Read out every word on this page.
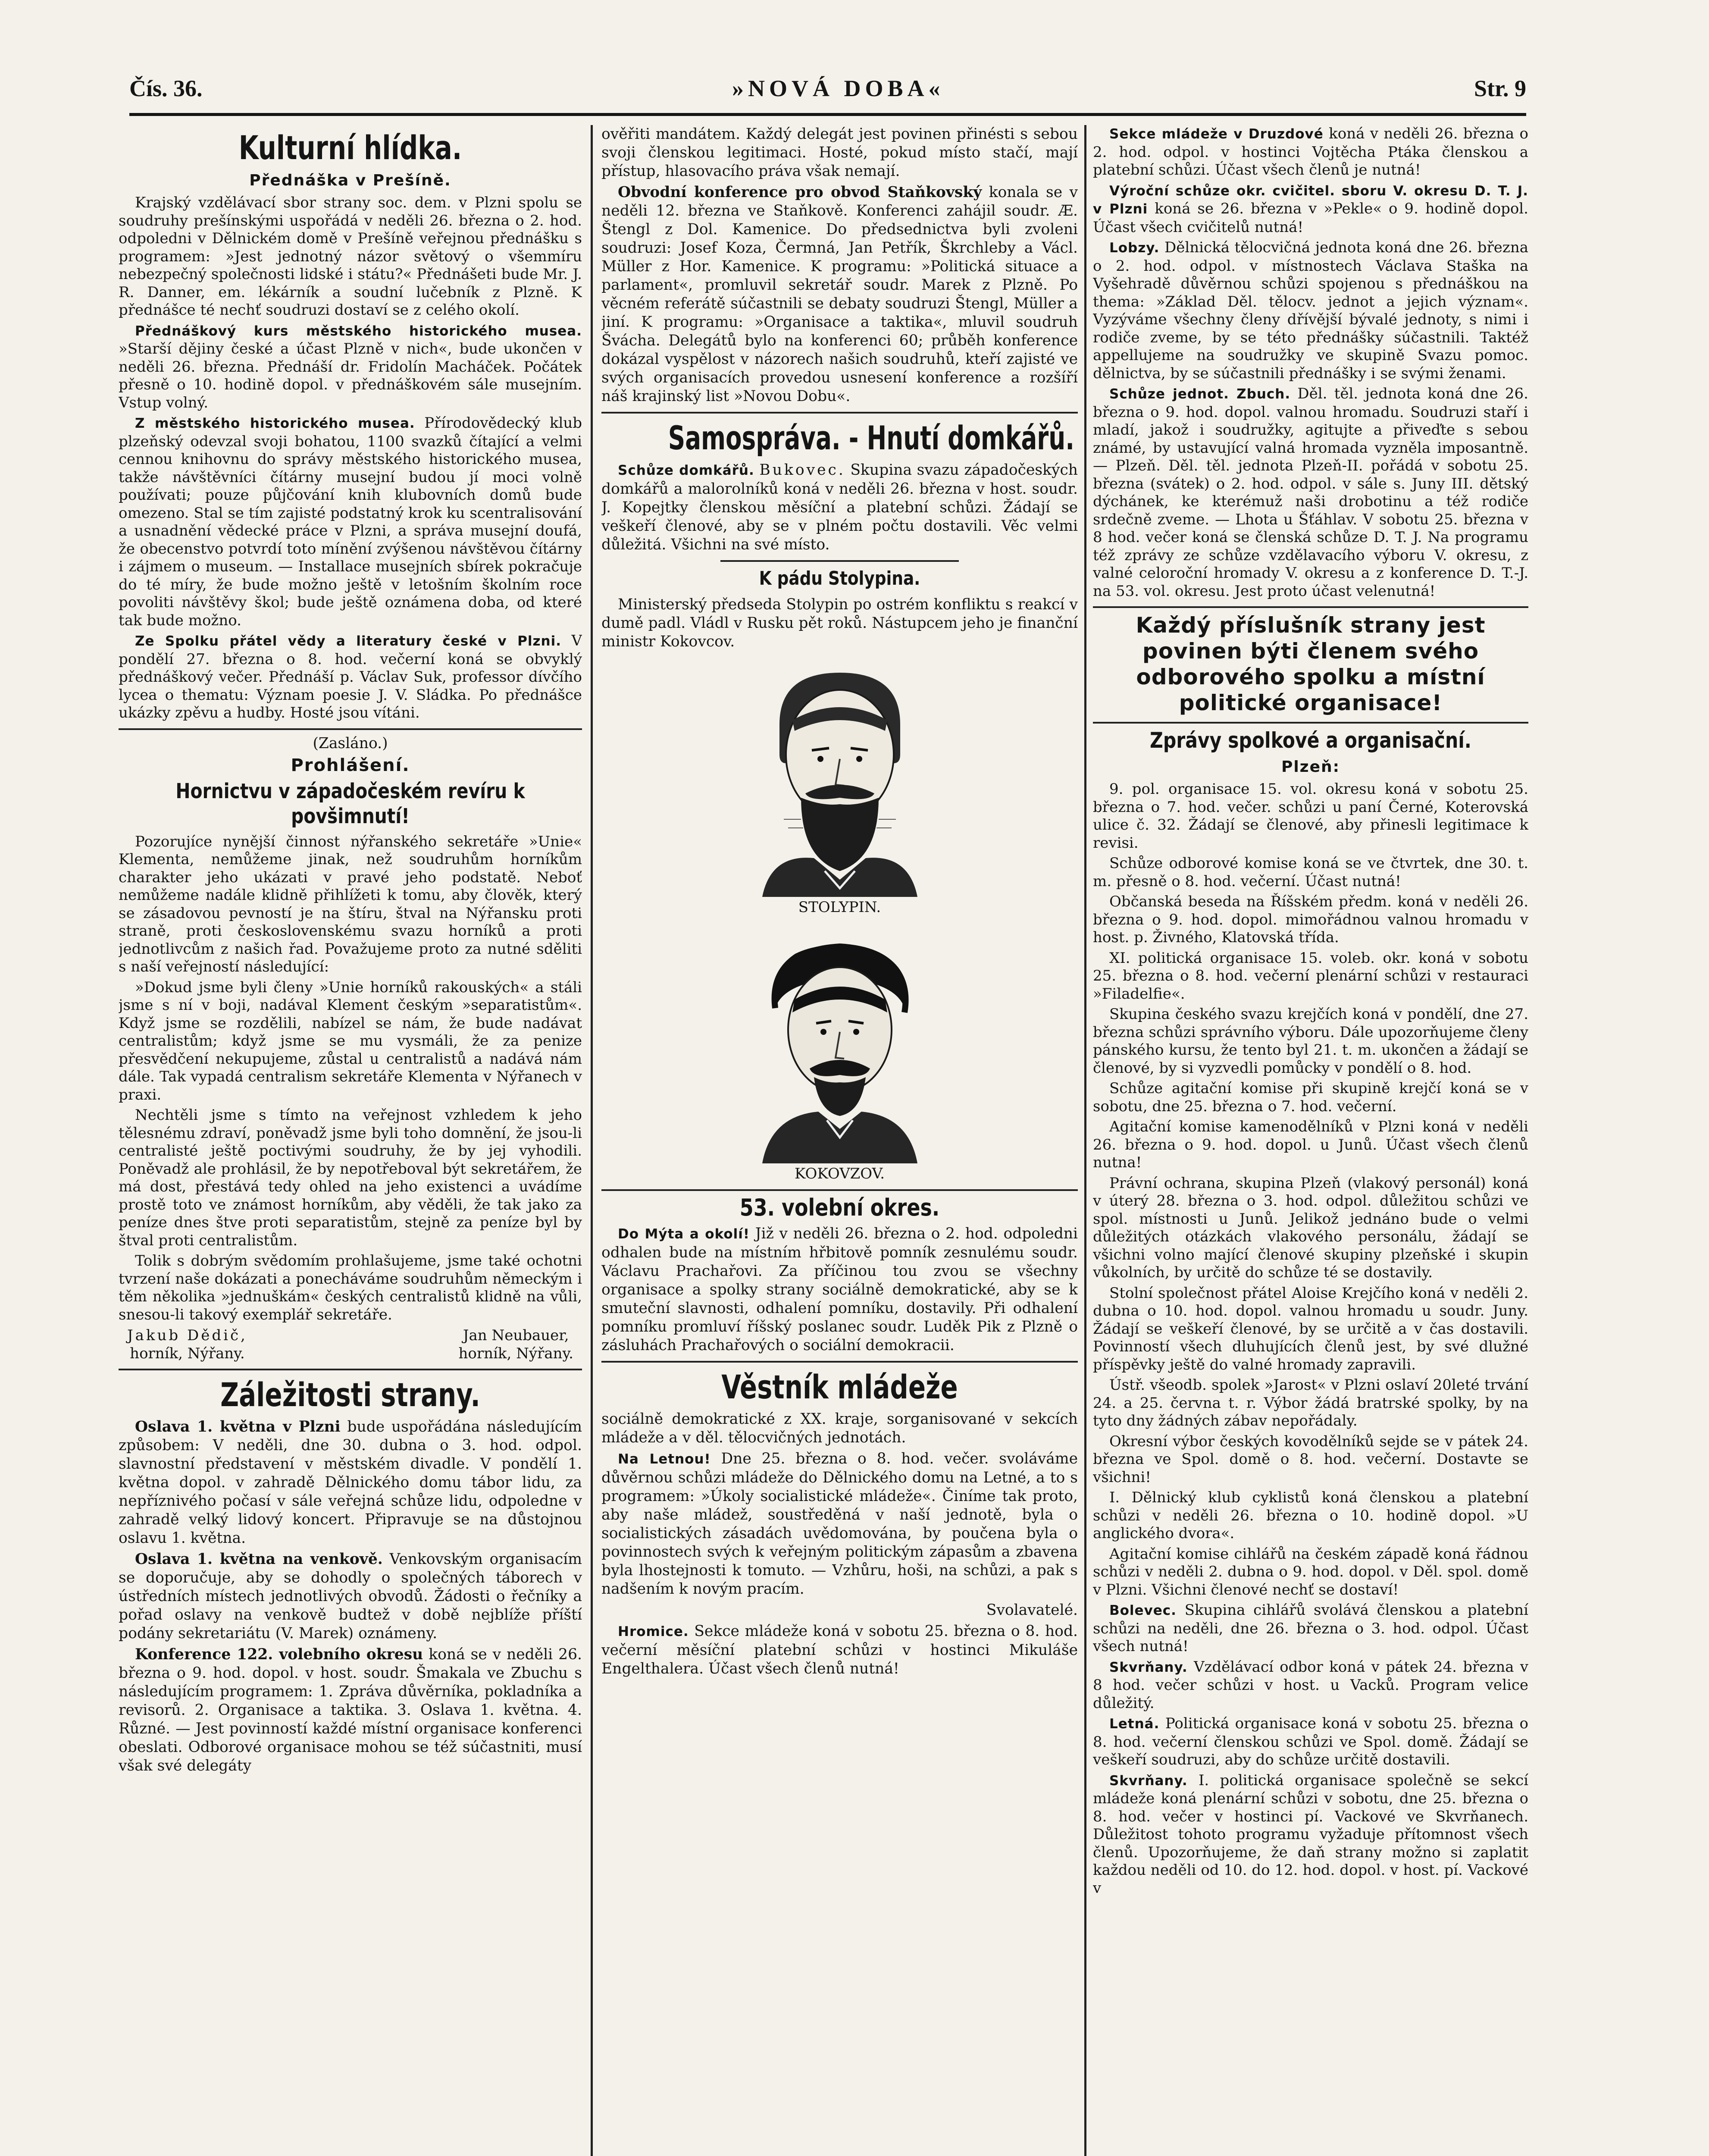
Čís. 36.	»NOVÁ DOBA«	Str. 9
Kulturní hlídka.
Přednáška v Prešíně.

Krajský vzdělávací sbor strany soc. dem. v Plzni spolu se soudruhy prešínskými uspořádá v neděli 26. března o 2. hod. odpoledni v Dělnickém domě v Prešíně veřejnou přednášku s programem: »Jest jednotný názor světový o všemmíru nebezpečný společnosti lidské i státu?« Přednášeti bude Mr. J. R. Danner, em. lékárník a soudní lučebník z Plzně. K přednášce té nechť soudruzi dostaví se z celého okolí.

Přednáškový kurs městského historického musea. »Starší dějiny české a účast Plzně v nich«, bude ukončen v neděli 26. března. Přednáší dr. Fridolín Macháček. Počátek přesně o 10. hodině dopol. v přednáškovém sále musejním. Vstup volný.

Z městského historického musea. Přírodovědecký klub plzeňský odevzal svoji bohatou, 1100 svazků čítající a velmi cennou knihovnu do správy městského historického musea, takže návštěvníci čítárny musejní budou jí moci volně používati; pouze půjčování knih klubovních domů bude omezeno. Stal se tím zajisté podstatný krok ku scentralisování a usnadnění vědecké práce v Plzni, a správa musejní doufá, že obecenstvo potvrdí toto mínění zvýšenou návštěvou čítárny i zájmem o museum. — Installace musejních sbírek pokračuje do té míry, že bude možno ještě v letošním školním roce povoliti návštěvy škol; bude ještě oznámena doba, od které tak bude možno.

Ze Spolku přátel vědy a literatury české v Plzni. V pondělí 27. března o 8. hod. večerní koná se obvyklý přednáškový večer. Přednáší p. Václav Suk, professor dívčího lycea o thematu: Význam poesie J. V. Sládka. Po přednášce ukázky zpěvu a hudby. Hosté jsou vítáni.

(Zasláno.)

Prohlášení.
Hornictvu v západočeském revíru k povšimnutí!

Pozorujíce nynější činnost nýřanského sekretáře »Unie« Klementa, nemůžeme jinak, než soudruhům horníkům charakter jeho ukázati v pravé jeho podstatě. Neboť nemůžeme nadále klidně přihlížeti k tomu, aby člověk, který se zásadovou pevností je na štíru, štval na Nýřansku proti straně, proti československému svazu horníků a proti jednotlivcům z našich řad. Považujeme proto za nutné sděliti s naší veřejností následující:

»Dokud jsme byli členy »Unie horníků rakouských« a stáli jsme s ní v boji, nadával Klement českým »separatistům«. Když jsme se rozdělili, nabízel se nám, že bude nadávat centralistům; když jsme se mu vysmáli, že za penize přesvědčení nekupujeme, zůstal u centralistů a nadává nám dále. Tak vypadá centralism sekretáře Klementa v Nýřanech v praxi.

Nechtěli jsme s tímto na veřejnost vzhledem k jeho tělesnému zdraví, poněvadž jsme byli toho domnění, že jsou-li centralisté ještě poctivými soudruhy, že by jej vyhodili. Poněvadž ale prohlásil, že by nepotřeboval být sekretářem, že má dost, přestává tedy ohled na jeho existenci a uvádíme prostě toto ve známost horníkům, aby věděli, že tak jako za peníze dnes štve proti separatistům, stejně za peníze byl by štval proti centralistům.

Tolik s dobrým svědomím prohlašujeme, jsme také ochotni tvrzení naše dokázati a ponecháváme soudruhům německým i těm několika »jednuškám« českých centralistů klidně na vůli, snesou-li takový exemplář sekretáře.

Jakub Dědič,
horník, Nýřany.
Jan Neubauer,
horník, Nýřany.
Záležitosti strany.

Oslava 1. května v Plzni bude uspořádána následujícím způsobem: V neděli, dne 30. dubna o 3. hod. odpol. slavnostní představení v městském divadle. V pondělí 1. května dopol. v zahradě Dělnického domu tábor lidu, za nepříznivého počasí v sále veřejná schůze lidu, odpoledne v zahradě velký lidový koncert. Připravuje se na důstojnou oslavu 1. května.

Oslava 1. května na venkově. Venkovským organisacím se doporučuje, aby se dohodly o společných táborech v ústředních místech jednotlivých obvodů. Žádosti o řečníky a pořad oslavy na venkově budtež v době nejblíže příští podány sekretariátu (V. Marek) oznámeny.

Konference 122. volebního okresu koná se v neděli 26. března o 9. hod. dopol. v host. soudr. Šmakala ve Zbuchu s následujícím programem: 1. Zpráva důvěrníka, pokladníka a revisorů. 2. Organisace a taktika. 3. Oslava 1. května. 4. Různé. — Jest povinností každé místní organisace konferenci obeslati. Odborové organisace mohou se též súčastniti, musí však své delegáty

ověřiti mandátem. Každý delegát jest povinen přinésti s sebou svoji členskou legitimaci. Hosté, pokud místo stačí, mají přístup, hlasovacího práva však nemají.

Obvodní konference pro obvod Staňkovský konala se v neděli 12. března ve Staňkově. Konferenci zahájil soudr. Æ. Štengl z Dol. Kamenice. Do předsednictva byli zvoleni soudruzi: Josef Koza, Čermná, Jan Petřík, Škrchleby a Václ. Müller z Hor. Kamenice. K programu: »Politická situace a parlament«, promluvil sekretář soudr. Marek z Plzně. Po věcném referátě súčastnili se debaty soudruzi Štengl, Müller a jiní. K programu: »Organisace a taktika«, mluvil soudruh Švácha. Delegátů bylo na konferenci 60; průběh konference dokázal vyspělost v názorech našich soudruhů, kteří zajisté ve svých organisacích provedou usnesení konference a rozšíří náš krajinský list »Novou Dobu«.

Samospráva. - Hnutí domkářů.

Schůze domkářů. Bukovec. Skupina svazu západočeských domkářů a malorolníků koná v neděli 26. března v host. soudr. J. Kopejtky členskou měsíční a platební schůzi. Žádají se veškeří členové, aby se v plném počtu dostavili. Věc velmi důležitá. Všichni na své místo.

K pádu Stolypina.

Ministerský předseda Stolypin po ostrém konfliktu s reakcí v dumě padl. Vládl v Rusku pět roků. Nástupcem jeho je finanční ministr Kokovcov.

STOLYPIN.

KOKOVZOV.

53. volební okres.

Do Mýta a okolí! Již v neděli 26. března o 2. hod. odpoledni odhalen bude na místním hřbitově pomník zesnulému soudr. Václavu Prachařovi. Za příčinou tou zvou se všechny organisace a spolky strany sociálně demokratické, aby se k smuteční slavnosti, odhalení pomníku, dostavily. Při odhalení pomníku promluví říšský poslanec soudr. Luděk Pik z Plzně o zásluhách Prachařových o sociální demokracii.

Věstník mládeže

sociálně demokratické z XX. kraje, sorganisované v sekcích mládeže a v děl. tělocvičných jednotách.

Na Letnou! Dne 25. března o 8. hod. večer. svoláváme důvěrnou schůzi mládeže do Dělnického domu na Letné, a to s programem: »Úkoly socialistické mládeže«. Činíme tak proto, aby naše mládež, soustředěná v naší jednotě, byla o socialistických zásadách uvědomována, by poučena byla o povinnostech svých k veřejným politickým zápasům a zbavena byla lhostejnosti k tomuto. — Vzhůru, hoši, na schůzi, a pak s nadšením k novým pracím.

Svolavatelé.

Hromice. Sekce mládeže koná v sobotu 25. března o 8. hod. večerní měsíční platební schůzi v hostinci Mikuláše Engelthalera. Účast všech členů nutná!

Sekce mládeže v Druzdové koná v neděli 26. března o 2. hod. odpol. v hostinci Vojtěcha Ptáka členskou a platební schůzi. Účast všech členů je nutná!

Výroční schůze okr. cvičitel. sboru V. okresu D. T. J. v Plzni koná se 26. března v »Pekle« o 9. hodině dopol. Účast všech cvičitelů nutná!

Lobzy. Dělnická tělocvičná jednota koná dne 26. března o 2. hod. odpol. v místnostech Václava Staška na Vyšehradě důvěrnou schůzi spojenou s přednáškou na thema: »Základ Děl. tělocv. jednot a jejich význam«. Vyzýváme všechny členy dřívější bývalé jednoty, s nimi i rodiče zveme, by se této přednášky súčastnili. Taktéž appellujeme na soudružky ve skupině Svazu pomoc. dělnictva, by se súčastnili přednášky i se svými ženami.

Schůze jednot. Zbuch. Děl. těl. jednota koná dne 26. března o 9. hod. dopol. valnou hromadu. Soudruzi staří i mladí, jakož i soudružky, agitujte a přiveďte s sebou známé, by ustavující valná hromada vyzněla imposantně. — Plzeň. Děl. těl. jednota Plzeň-II. pořádá v sobotu 25. března (svátek) o 2. hod. odpol. v sále s. Juny III. dětský dýchánek, ke kterémuž naši drobotinu a též rodiče srdečně zveme. — Lhota u Šťáhlav. V sobotu 25. března v 8 hod. večer koná se členská schůze D. T. J. Na programu též zprávy ze schůze vzdělavacího výboru V. okresu, z valné celoroční hromady V. okresu a z konference D. T.-J. na 53. vol. okresu. Jest proto účast velenutná!

Každý příslušník strany jest povinen býti členem svého odborového spolku a místní politické organisace!
Zprávy spolkové a organisační.
Plzeň:

9. pol. organisace 15. vol. okresu koná v sobotu 25. března o 7. hod. večer. schůzi u paní Černé, Koterovská ulice č. 32. Žádají se členové, aby přinesli legitimace k revisi.

Schůze odborové komise koná se ve čtvrtek, dne 30. t. m. přesně o 8. hod. večerní. Účast nutná!

Občanská beseda na Říšském předm. koná v neděli 26. března o 9. hod. dopol. mimořádnou valnou hromadu v host. p. Živného, Klatovská třída.

XI. politická organisace 15. voleb. okr. koná v sobotu 25. března o 8. hod. večerní plenární schůzi v restauraci »Filadelfie«.

Skupina českého svazu krejčích koná v pondělí, dne 27. března schůzi správního výboru. Dále upozorňujeme členy pánského kursu, že tento byl 21. t. m. ukončen a žádají se členové, by si vyzvedli pomůcky v pondělí o 8. hod.

Schůze agitační komise při skupině krejčí koná se v sobotu, dne 25. března o 7. hod. večerní.

Agitační komise kamenodělníků v Plzni koná v neděli 26. března o 9. hod. dopol. u Junů. Účast všech členů nutna!

Právní ochrana, skupina Plzeň (vlakový personál) koná v úterý 28. března o 3. hod. odpol. důležitou schůzi ve spol. místnosti u Junů. Jelikož jednáno bude o velmi důležitých otázkách vlakového personálu, žádají se všichni volno mající členové skupiny plzeňské i skupin vůkolních, by určitě do schůze té se dostavily.

Stolní společnost přátel Aloise Krejčího koná v neděli 2. dubna o 10. hod. dopol. valnou hromadu u soudr. Juny. Žádají se veškeří členové, by se určitě a v čas dostavili. Povinností všech dluhujících členů jest, by své dlužné příspěvky ještě do valné hromady zapravili.

Ústř. všeodb. spolek »Jarost« v Plzni oslaví 20leté trvání 24. a 25. června t. r. Výbor žádá bratrské spolky, by na tyto dny žádných zábav nepořádaly.

Okresní výbor českých kovodělníků sejde se v pátek 24. března ve Spol. domě o 8. hod. večerní. Dostavte se všichni!

I. Dělnický klub cyklistů koná členskou a platební schůzi v neděli 26. března o 10. hodině dopol. »U anglického dvora«.

Agitační komise cihlářů na českém západě koná řádnou schůzi v neděli 2. dubna o 9. hod. dopol. v Děl. spol. domě v Plzni. Všichni členové nechť se dostaví!

Bolevec. Skupina cihlářů svolává členskou a platební schůzi na neděli, dne 26. března o 3. hod. odpol. Účast všech nutná!

Skvrňany. Vzdělávací odbor koná v pátek 24. března v 8 hod. večer schůzi v host. u Vacků. Program velice důležitý.

Letná. Politická organisace koná v sobotu 25. března o 8. hod. večerní členskou schůzi ve Spol. domě. Žádají se veškeří soudruzi, aby do schůze určitě dostavili.

Skvrňany. I. politická organisace společně se sekcí mládeže koná plenární schůzi v sobotu, dne 25. března o 8. hod. večer v hostinci pí. Vackové ve Skvrňanech. Důležitost tohoto programu vyžaduje přítomnost všech členů. Upozorňujeme, že daň strany možno si zaplatit každou neděli od 10. do 12. hod. dopol. v host. pí. Vackové v
